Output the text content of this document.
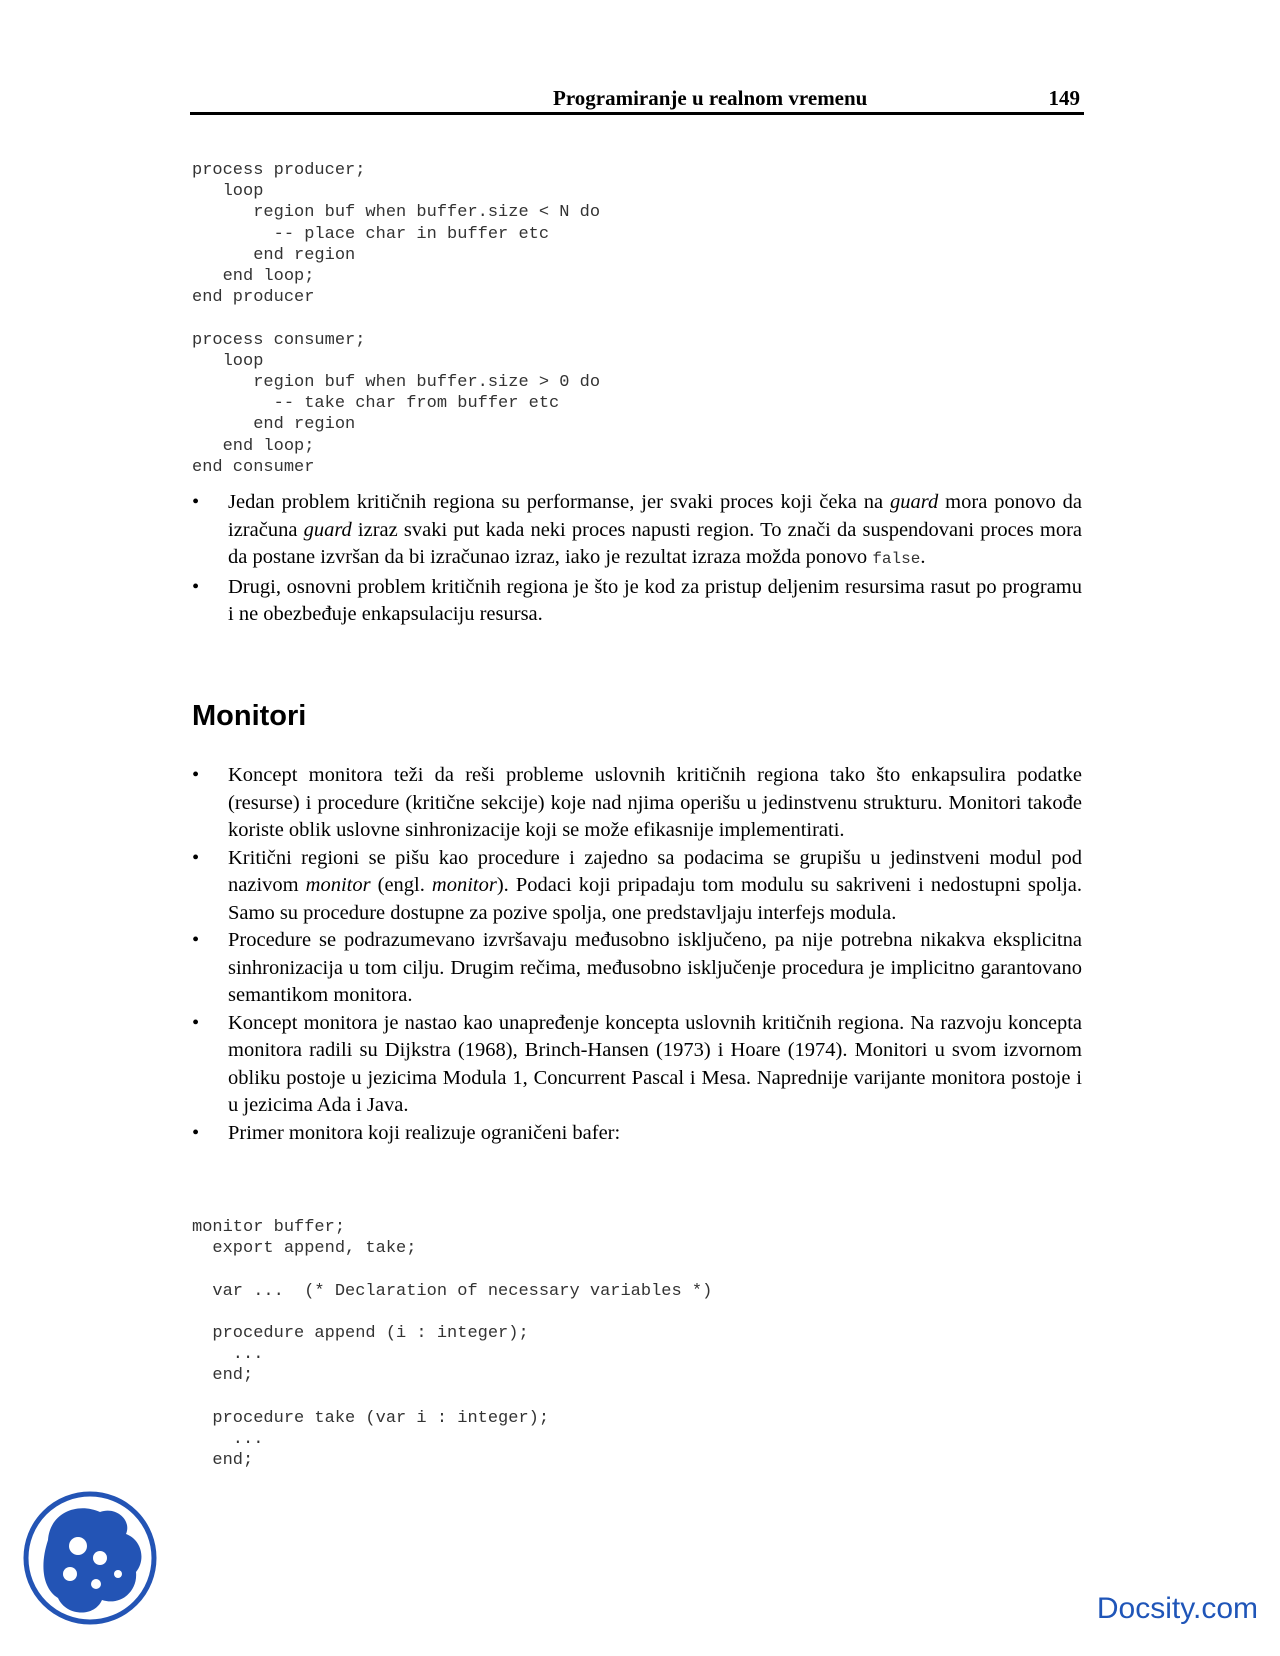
Programiranje u realnom vremenu	149
process producer;
loop
region buf when buffer.size < N do
-- place char in buffer etc
end region
end loop;
end producer

process consumer;
loop
region buf when buffer.size > 0 do
-- take char from buffer etc
end region
end loop;
end consumer
•	Jedan problem kritičnih regiona su performanse, jer svaki proces koji čeka na guard mora ponovo da izračuna guard izraz svaki put kada neki proces napusti region. To znači da suspendovani proces mora da postane izvršan da bi izračunao izraz, iako je rezultat izraza možda ponovo false.
•	Drugi, osnovni problem kritičnih regiona je što je kod za pristup deljenim resursima rasut po programu i ne obezbeđuje enkapsulaciju resursa.
Monitori
•	Koncept monitora teži da reši probleme uslovnih kritičnih regiona tako što enkapsulira podatke (resurse) i procedure (kritične sekcije) koje nad njima operišu u jedinstvenu strukturu. Monitori takođe koriste oblik uslovne sinhronizacije koji se može efikasnije implementirati.
•	Kritični regioni se pišu kao procedure i zajedno sa podacima se grupišu u jedinstveni modul pod nazivom monitor (engl. monitor). Podaci koji pripadaju tom modulu su sakriveni i nedostupni spolja. Samo su procedure dostupne za pozive spolja, one predstavljaju interfejs modula.
•	Procedure se podrazumevano izvršavaju međusobno isključeno, pa nije potrebna nikakva eksplicitna sinhronizacija u tom cilju. Drugim rečima, međusobno isključenje procedura je implicitno garantovano semantikom monitora.
•	Koncept monitora je nastao kao unapređenje koncepta uslovnih kritičnih regiona. Na razvoju koncepta monitora radili su Dijkstra (1968), Brinch-Hansen (1973) i Hoare (1974). Monitori u svom izvornom obliku postoje u jezicima Modula 1, Concurrent Pascal i Mesa. Naprednije varijante monitora postoje i u jezicima Ada i Java.
•	Primer monitora koji realizuje ograničeni bafer:
monitor buffer;
export append, take;

var ...  (* Declaration of necessary variables *)

procedure append (i : integer);
...
end;

procedure take (var i : integer);
...
end;
Docsity.com
